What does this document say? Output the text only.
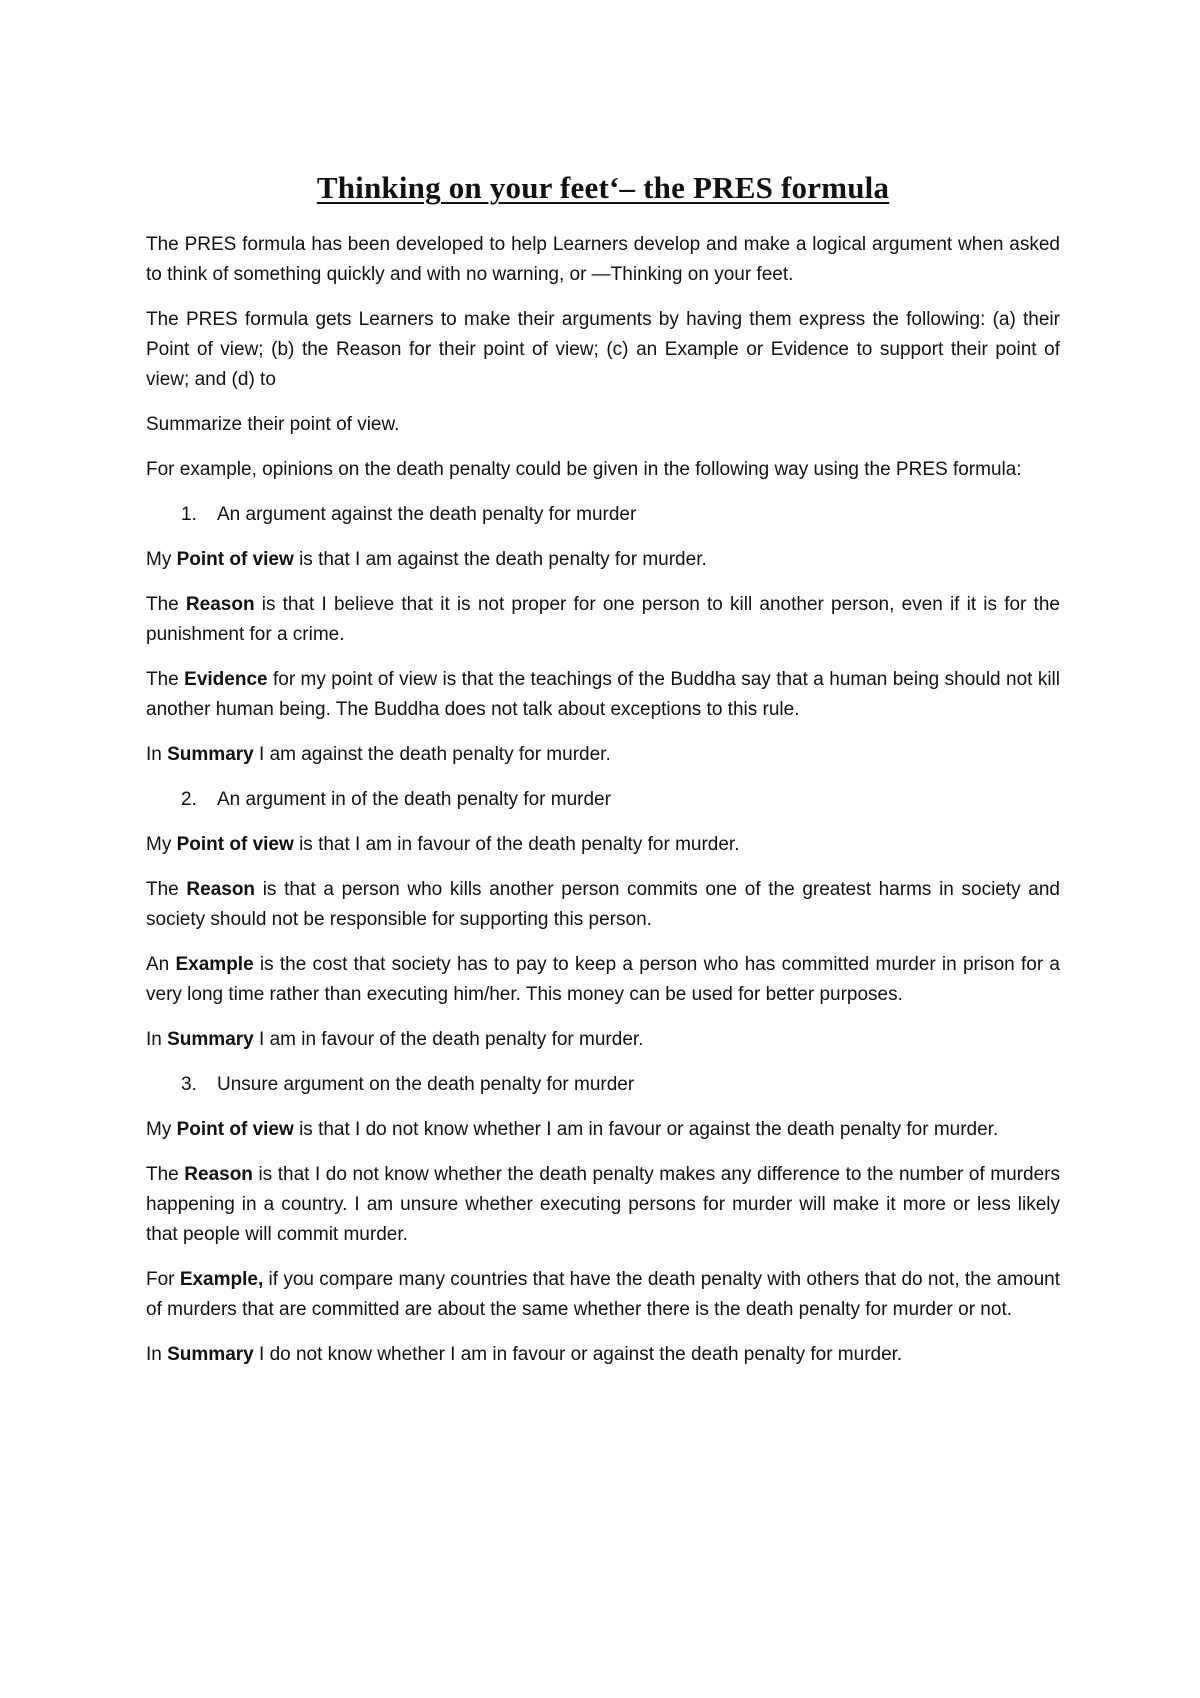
Thinking on your feet‘– the PRES formula

The PRES formula has been developed to help Learners develop and make a logical argument when asked to think of something quickly and with no warning, or ―Thinking on your feet.

The PRES formula gets Learners to make their arguments by having them express the following: (a) their Point of view; (b) the Reason for their point of view; (c) an Example or Evidence to support their point of view; and (d) to

Summarize their point of view.

For example, opinions on the death penalty could be given in the following way using the PRES formula:

1.	An argument against the death penalty for murder

My Point of view is that I am against the death penalty for murder.

The Reason is that I believe that it is not proper for one person to kill another person, even if it is for the punishment for a crime.

The Evidence for my point of view is that the teachings of the Buddha say that a human being should not kill another human being. The Buddha does not talk about exceptions to this rule.

In Summary I am against the death penalty for murder.

2.	An argument in of the death penalty for murder

My Point of view is that I am in favour of the death penalty for murder.

The Reason is that a person who kills another person commits one of the greatest harms in society and society should not be responsible for supporting this person.

An Example is the cost that society has to pay to keep a person who has committed murder in prison for a very long time rather than executing him/her. This money can be used for better purposes.

In Summary I am in favour of the death penalty for murder.

3.	Unsure argument on the death penalty for murder

My Point of view is that I do not know whether I am in favour or against the death penalty for murder.

The Reason is that I do not know whether the death penalty makes any difference to the number of murders happening in a country. I am unsure whether executing persons for murder will make it more or less likely that people will commit murder.

For Example, if you compare many countries that have the death penalty with others that do not, the amount of murders that are committed are about the same whether there is the death penalty for murder or not.

In Summary I do not know whether I am in favour or against the death penalty for murder.
